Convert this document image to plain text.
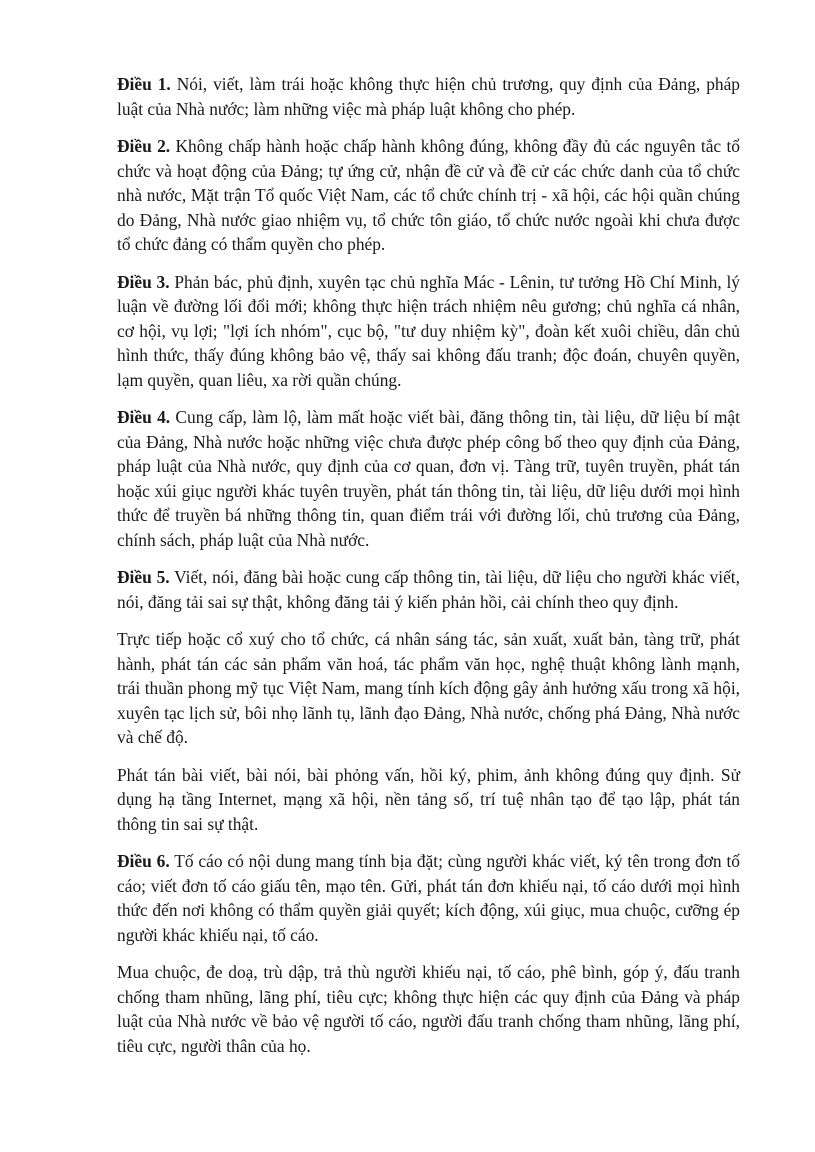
Điều 1. Nói, viết, làm trái hoặc không thực hiện chủ trương, quy định của Đảng, pháp luật của Nhà nước; làm những việc mà pháp luật không cho phép.

Điều 2. Không chấp hành hoặc chấp hành không đúng, không đầy đủ các nguyên tắc tổ chức và hoạt động của Đảng; tự ứng cử, nhận đề cử và đề cử các chức danh của tổ chức nhà nước, Mặt trận Tổ quốc Việt Nam, các tổ chức chính trị - xã hội, các hội quần chúng do Đảng, Nhà nước giao nhiệm vụ, tổ chức tôn giáo, tổ chức nước ngoài khi chưa được tổ chức đảng có thẩm quyền cho phép.

Điều 3. Phản bác, phủ định, xuyên tạc chủ nghĩa Mác - Lênin, tư tưởng Hồ Chí Minh, lý luận về đường lối đổi mới; không thực hiện trách nhiệm nêu gương; chủ nghĩa cá nhân, cơ hội, vụ lợi; "lợi ích nhóm", cục bộ, "tư duy nhiệm kỳ", đoàn kết xuôi chiều, dân chủ hình thức, thấy đúng không bảo vệ, thấy sai không đấu tranh; độc đoán, chuyên quyền, lạm quyền, quan liêu, xa rời quần chúng.

Điều 4. Cung cấp, làm lộ, làm mất hoặc viết bài, đăng thông tin, tài liệu, dữ liệu bí mật của Đảng, Nhà nước hoặc những việc chưa được phép công bố theo quy định của Đảng, pháp luật của Nhà nước, quy định của cơ quan, đơn vị. Tàng trữ, tuyên truyền, phát tán hoặc xúi giục người khác tuyên truyền, phát tán thông tin, tài liệu, dữ liệu dưới mọi hình thức để truyền bá những thông tin, quan điểm trái với đường lối, chủ trương của Đảng, chính sách, pháp luật của Nhà nước.

Điều 5. Viết, nói, đăng bài hoặc cung cấp thông tin, tài liệu, dữ liệu cho người khác viết, nói, đăng tải sai sự thật, không đăng tải ý kiến phản hồi, cải chính theo quy định.

Trực tiếp hoặc cổ xuý cho tổ chức, cá nhân sáng tác, sản xuất, xuất bản, tàng trữ, phát hành, phát tán các sản phẩm văn hoá, tác phẩm văn học, nghệ thuật không lành mạnh, trái thuần phong mỹ tục Việt Nam, mang tính kích động gây ảnh hưởng xấu trong xã hội, xuyên tạc lịch sử, bôi nhọ lãnh tụ, lãnh đạo Đảng, Nhà nước, chống phá Đảng, Nhà nước và chế độ.

Phát tán bài viết, bài nói, bài phỏng vấn, hồi ký, phim, ảnh không đúng quy định. Sử dụng hạ tầng Internet, mạng xã hội, nền tảng số, trí tuệ nhân tạo để tạo lập, phát tán thông tin sai sự thật.

Điều 6. Tố cáo có nội dung mang tính bịa đặt; cùng người khác viết, ký tên trong đơn tố cáo; viết đơn tố cáo giấu tên, mạo tên. Gửi, phát tán đơn khiếu nại, tố cáo dưới mọi hình thức đến nơi không có thẩm quyền giải quyết; kích động, xúi giục, mua chuộc, cưỡng ép người khác khiếu nại, tố cáo.

Mua chuộc, đe doạ, trù dập, trả thù người khiếu nại, tố cáo, phê bình, góp ý, đấu tranh chống tham nhũng, lãng phí, tiêu cực; không thực hiện các quy định của Đảng và pháp luật của Nhà nước về bảo vệ người tố cáo, người đấu tranh chống tham nhũng, lãng phí, tiêu cực, người thân của họ.
